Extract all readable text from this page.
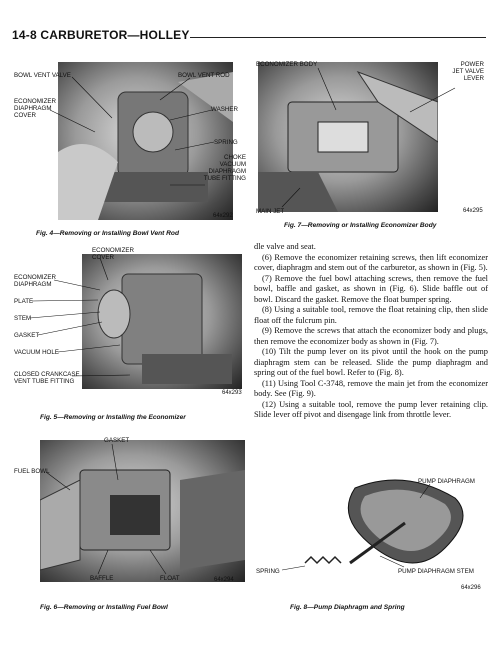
14-8 CARBURETOR—HOLLEY
BOWL VENT VALVE	BOWL VENT ROD
ECONOMIZER DIAPHRAGM COVER
WASHER
SPRING
CHOKE VACUUM DIAPHRAGM TUBE FITTING
64x292
Fig. 4—Removing or Installing Bowl Vent Rod
ECONOMIZER COVER
ECONOMIZER DIAPHRAGM
PLATE
STEM
GASKET
VACUUM HOLE
CLOSED CRANKCASE VENT TUBE FITTING
64x293
Fig. 5—Removing or Installing the Economizer
GASKET
FUEL BOWL
BAFFLE	FLOAT	64x294
Fig. 6—Removing or Installing Fuel Bowl
ECONOMIZER BODY	POWER JET VALVE LEVER
MAIN JET	64x295
Fig. 7—Removing or Installing Economizer Body

dle valve and seat.

(6) Remove the economizer retaining screws, then lift economizer cover, diaphragm and stem out of the carburetor, as shown in (Fig. 5).

(7) Remove the fuel bowl attaching screws, then remove the fuel bowl, baffle and gasket, as shown in (Fig. 6). Slide baffle out of bowl. Discard the gasket. Remove the float bumper spring.

(8) Using a suitable tool, remove the float retaining clip, then slide float off the fulcrum pin.

(9) Remove the screws that attach the economizer body and plugs, then remove the economizer body as shown in (Fig. 7).

(10) Tilt the pump lever on its pivot until the hook on the pump diaphragm stem can be released. Slide the pump diaphragm and spring out of the fuel bowl. Refer to (Fig. 8).

(11) Using Tool C-3748, remove the main jet from the economizer body. See (Fig. 9).

(12) Using a suitable tool, remove the pump lever retaining clip. Slide lever off pivot and disengage link from throttle lever.

PUMP DIAPHRAGM
SPRING	PUMP DIAPHRAGM STEM
64x296
Fig. 8—Pump Diaphragm and Spring
